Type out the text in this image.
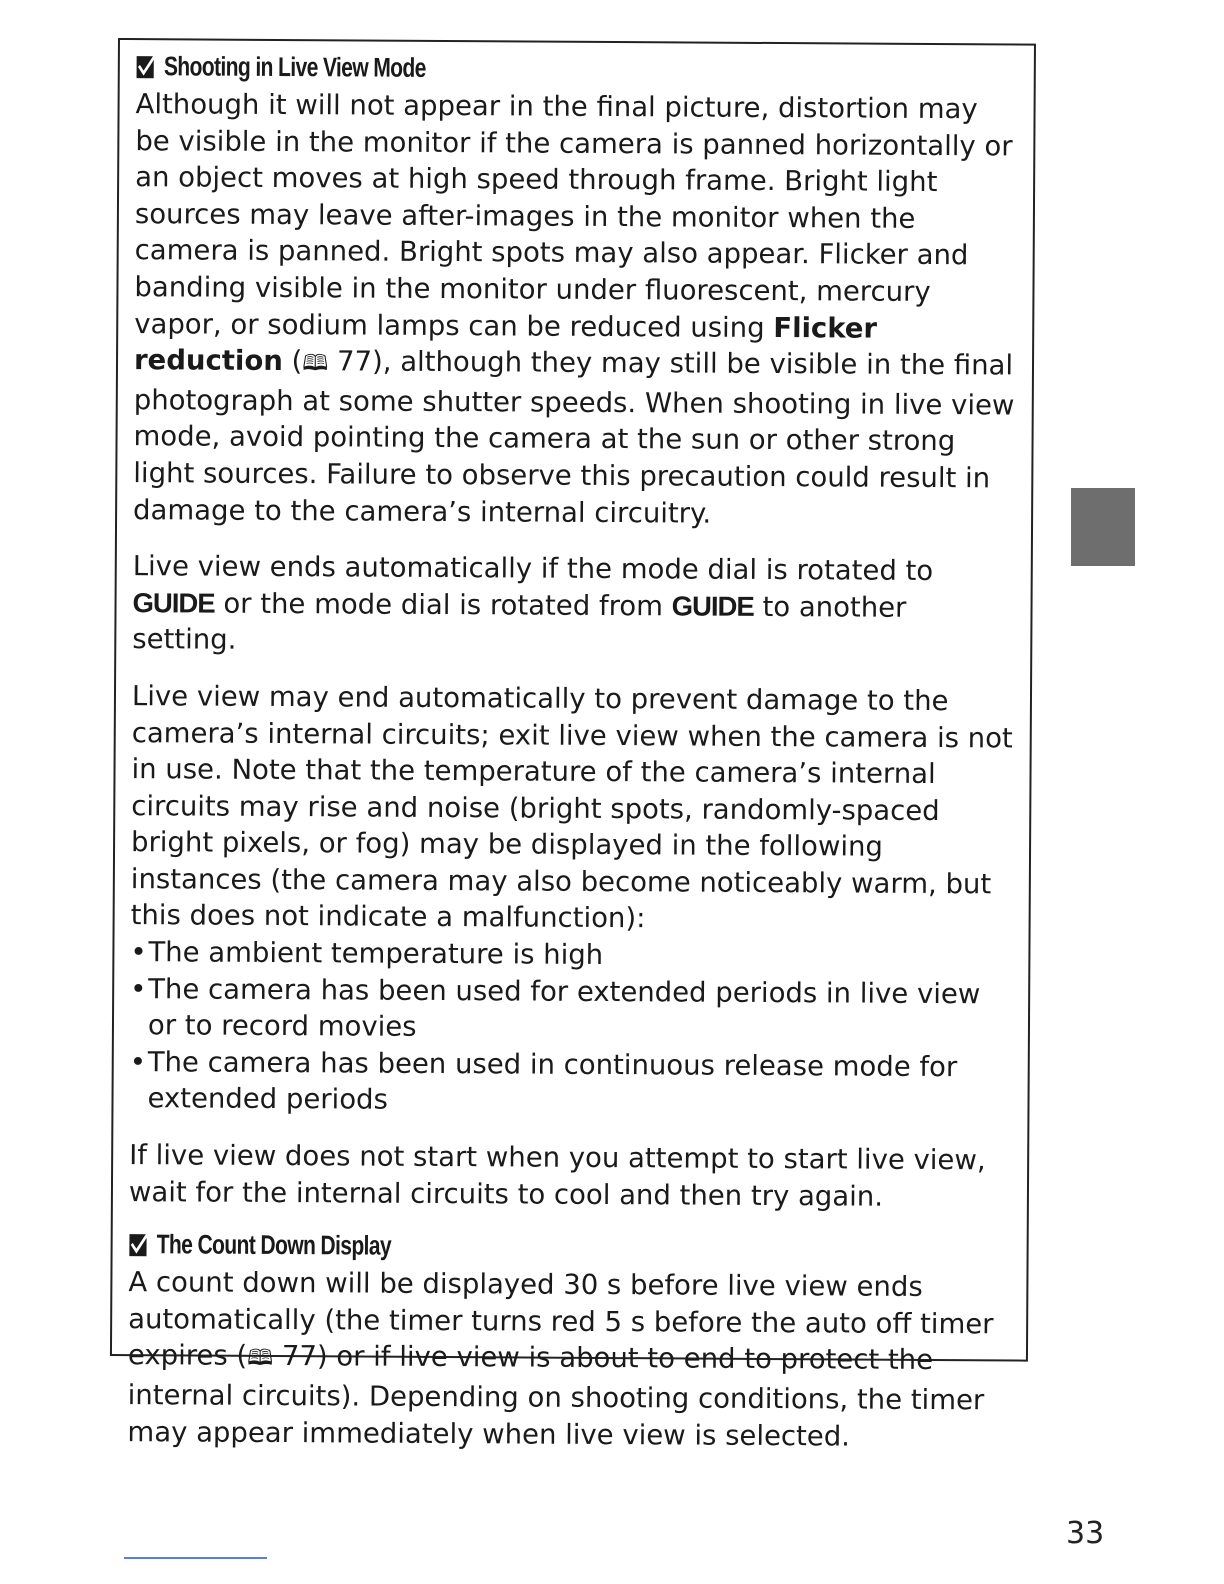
Shooting in Live View Mode

Although it will not appear in the final picture, distortion may be visible in the monitor if the camera is panned horizontally or an object moves at high speed through frame. Bright light sources may leave after-images in the monitor when the camera is panned. Bright spots may also appear. Flicker and banding visible in the monitor under fluorescent, mercury vapor, or sodium lamps can be reduced using Flicker reduction (🕮 77), although they may still be visible in the final photograph at some shutter speeds. When shooting in live view mode, avoid pointing the camera at the sun or other strong light sources. Failure to observe this precaution could result in damage to the camera’s internal circuitry.

Live view ends automatically if the mode dial is rotated to GUIDE or the mode dial is rotated from GUIDE to another setting.

Live view may end automatically to prevent damage to the camera’s internal circuits; exit live view when the camera is not in use. Note that the temperature of the camera’s internal circuits may rise and noise (bright spots, randomly-spaced bright pixels, or fog) may be displayed in the following instances (the camera may also become noticeably warm, but this does not indicate a malfunction):

• The ambient temperature is high
• The camera has been used for extended periods in live view or to record movies
• The camera has been used in continuous release mode for extended periods

If live view does not start when you attempt to start live view, wait for the internal circuits to cool and then try again.

The Count Down Display

A count down will be displayed 30 s before live view ends automatically (the timer turns red 5 s before the auto off timer expires (🕮 77) or if live view is about to end to protect the internal circuits). Depending on shooting conditions, the timer may appear immediately when live view is selected.

33
